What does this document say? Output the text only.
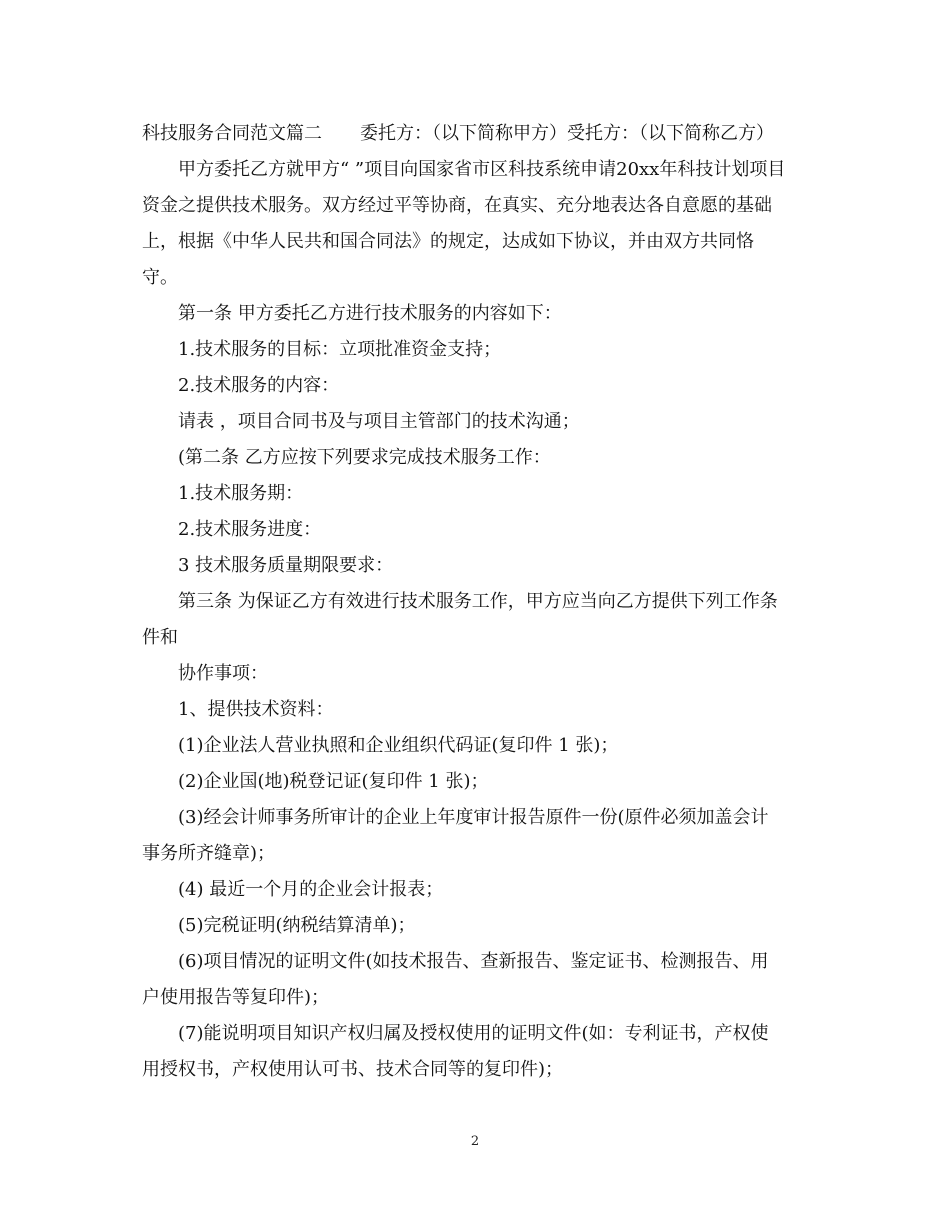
科技服务合同范文篇二 委托方：（以下简称甲方）受托方：（以下简称乙方）
甲方委托乙方就甲方“ ”项目向国家省市区科技系统申请20xx年科技计划项目
资金之提供技术服务。双方经过平等协商，在真实、充分地表达各自意愿的基础
上，根据《中华人民共和国合同法》的规定，达成如下协议，并由双方共同恪
守。
第一条 甲方委托乙方进行技术服务的内容如下：
1.技术服务的目标：立项批准资金支持；
2.技术服务的内容：
请表 ，项目合同书及与项目主管部门的技术沟通；
(第二条 乙方应按下列要求完成技术服务工作：
1.技术服务期：
2.技术服务进度：
3 技术服务质量期限要求：
第三条 为保证乙方有效进行技术服务工作，甲方应当向乙方提供下列工作条
件和
协作事项：
1、提供技术资料：
(1)企业法人营业执照和企业组织代码证(复印件 1 张)；
(2)企业国(地)税登记证(复印件 1 张)；
(3)经会计师事务所审计的企业上年度审计报告原件一份(原件必须加盖会计
事务所齐缝章)；
(4) 最近一个月的企业会计报表；
(5)完税证明(纳税结算清单)；
(6)项目情况的证明文件(如技术报告、查新报告、鉴定证书、检测报告、用
户使用报告等复印件)；
(7)能说明项目知识产权归属及授权使用的证明文件(如：专利证书，产权使
用授权书，产权使用认可书、技术合同等的复印件)；
2
